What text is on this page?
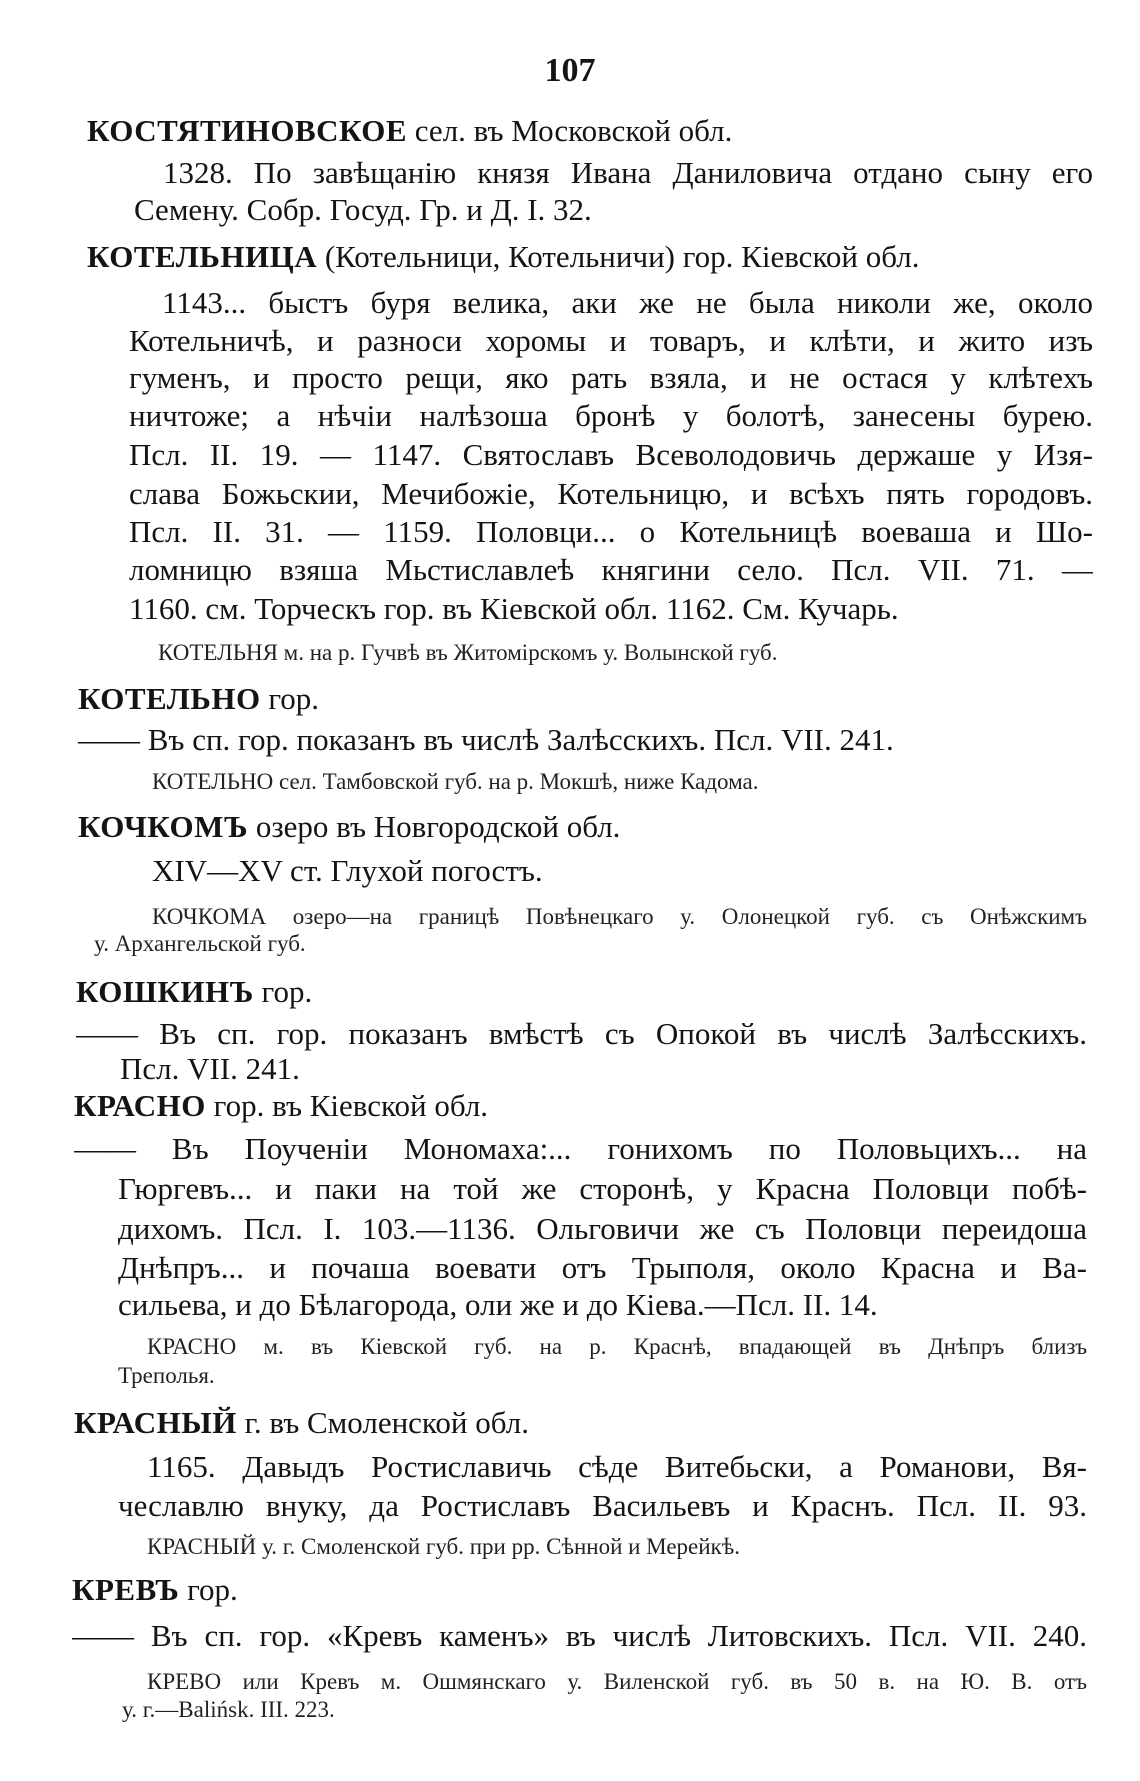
107
КОСТЯТИНОВСКОЕ сел. въ Московской обл.
1328. По завѣщанію князя Ивана Даниловича отдано сыну его
Семену. Собр. Госуд. Гр. и Д. I. 32.
КОТЕЛЬНИЦА (Котельници, Котельничи) гор. Кіевской обл.
1143... быстъ буря велика, аки же не была николи же, около
Котельничѣ, и разноси хоромы и товаръ, и клѣти, и жито изъ
гуменъ, и просто рещи, яко рать взяла, и не остася у клѣтехъ
ничтоже; а нѣчіи налѣзоша бронѣ у болотѣ, занесены бурею.
Псл. II. 19. — 1147. Святославъ Всеволодовичь держаше у Изя-
слава Божьскии, Мечибожіе, Котельницю, и всѣхъ пять городовъ.
Псл. II. 31. — 1159. Половци... о Котельницѣ воеваша и Шо-
ломницю взяша Мьстиславлеѣ княгини село. Псл. VII. 71. —
1160. см. Торческъ гор. въ Кіевской обл. 1162. См. Кучарь.
КОТЕЛЬНЯ м. на р. Гучвѣ въ Житомірскомъ у. Волынской губ.
КОТЕЛЬНО гор.
—— Въ сп. гор. показанъ въ числѣ Залѣсскихъ. Псл. VII. 241.
КОТЕЛЬНО сел. Тамбовской губ. на р. Мокшѣ, ниже Кадома.
КОЧКОМЪ озеро въ Новгородской обл.
XIV—XV ст. Глухой погостъ.
КОЧКОМА озеро—на границѣ Повѣнецкаго у. Олонецкой губ. съ Онѣжскимъ
у. Архангельской губ.
КОШКИНЪ гор.
—— Въ сп. гор. показанъ вмѣстѣ съ Опокой въ числѣ Залѣсскихъ.
Псл. VII. 241.
КРАСНО гор. въ Кіевской обл.
—— Въ Поученіи Мономаха:... гонихомъ по Половьцихъ... на
Гюргевъ... и паки на той же сторонѣ, у Красна Половци побѣ-
дихомъ. Псл. I. 103.—1136. Ольговичи же съ Половци переидоша
Днѣпръ... и почаша воевати отъ Трыполя, около Красна и Ва-
сильева, и до Бѣлагорода, оли же и до Кіева.—Псл. II. 14.
КРАСНО м. въ Кіевской губ. на р. Краснѣ, впадающей въ Днѣпръ близъ
Треполья.
КРАСНЫЙ г. въ Смоленской обл.
1165. Давыдъ Ростиславичь сѣде Витебьски, а Романови, Вя-
чеславлю внуку, да Ростиславъ Васильевъ и Краснъ. Псл. II. 93.
КРАСНЫЙ у. г. Смоленской губ. при рр. Сѣнной и Мерейкѣ.
КРЕВЪ гор.
—— Въ сп. гор. «Кревъ каменъ» въ числѣ Литовскихъ. Псл. VII. 240.
КРЕВО или Кревъ м. Ошмянскаго у. Виленской губ. въ 50 в. на Ю. В. отъ
у. г.—Balińsk. III. 223.
